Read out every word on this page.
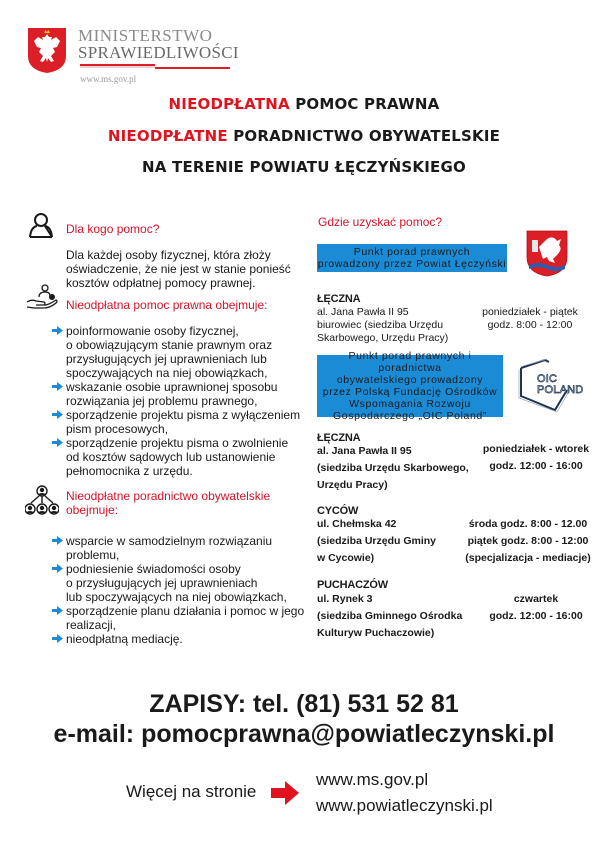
MINISTERSTWO
SPRAWIEDLIWOŚCI
www.ms.gov.pl
NIEODPŁATNA POMOC PRAWNA
NIEODPŁATNE PORADNICTWO OBYWATELSKIE
NA TERENIE POWIATU ŁĘCZYŃSKIEGO
Dla kogo pomoc?
Dla każdej osoby fizycznej, która złoży
oświadczenie, że nie jest w stanie ponieść
kosztów odpłatnej pomocy prawnej.
Nieodpłatna pomoc prawna obejmuje:
poinformowanie osoby fizycznej,
o obowiązującym stanie prawnym oraz
przysługujących jej uprawnieniach lub
spoczywających na niej obowiązkach,
wskazanie osobie uprawnionej sposobu
rozwiązania jej problemu prawnego,
sporządzenie projektu pisma z wyłączeniem
pism procesowych,
sporządzenie projektu pisma o zwolnienie
od kosztów sądowych lub ustanowienie
pełnomocnika z urzędu.
Nieodpłatne poradnictwo obywatelskie
obejmuje:
wsparcie w samodzielnym rozwiązaniu
problemu,
podniesienie świadomości osoby
o przysługujących jej uprawnieniach
lub spoczywających na niej obowiązkach,
sporządzenie planu działania i pomoc w jego
realizacji,
nieodpłatną mediację.
Gdzie uzyskać pomoc?
Punkt porad prawnych
prowadzony przez Powiat Łęczyński
ŁĘCZNA
al. Jana Pawła II 95
biurowiec (siedziba Urzędu
Skarbowego, Urzędu Pracy)
poniedziałek - piątek
godz. 8:00 - 12:00
Punkt porad prawnych i poradnictwa
obywatelskiego prowadzony
przez Polską Fundację Ośrodków
Wspomagania Rozwoju
Gospodarczego „OIC Poland”
OIC
POLAND
ŁĘCZNA
al. Jana Pawła II 95
(siedziba Urzędu Skarbowego,
Urzędu Pracy)
poniedziałek - wtorek
godz. 12:00 - 16:00
CYCÓW
ul. Chełmska 42
(siedziba Urzędu Gminy
w Cycowie)
środa godz. 8:00 - 12.00
piątek godz. 8:00 - 12:00
(specjalizacja - mediacje)
PUCHACZÓW
ul. Rynek 3
(siedziba Gminnego Ośrodka
Kulturyw Puchaczowie)
czwartek
godz. 12:00 - 16:00
ZAPISY: tel. (81) 531 52 81
e-mail: pomocprawna@powiatleczynski.pl
Więcej na stronie
www.ms.gov.pl
www.powiatleczynski.pl
